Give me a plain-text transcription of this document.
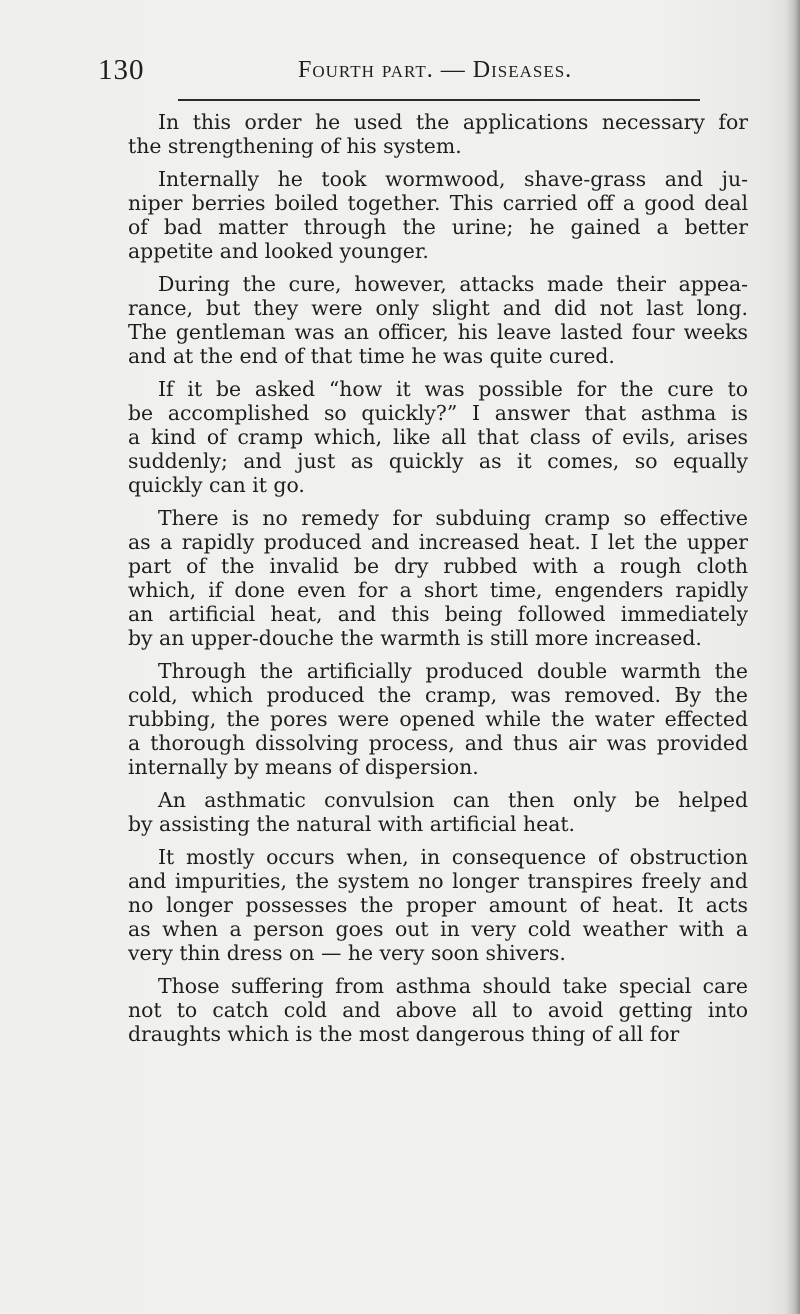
130	Fourth part. — Diseases.
In this order he used the applications necessary for
the strengthening of his system.
Internally he took wormwood, shave-grass and ju-
niper berries boiled together. This carried off a good deal
of bad matter through the urine; he gained a better
appetite and looked younger.
During the cure, however, attacks made their appea-
rance, but they were only slight and did not last long.
The gentleman was an officer, his leave lasted four weeks
and at the end of that time he was quite cured.
If it be asked “how it was possible for the cure to
be accomplished so quickly?” I answer that asthma is
a kind of cramp which, like all that class of evils, arises
suddenly; and just as quickly as it comes, so equally
quickly can it go.
There is no remedy for subduing cramp so effective
as a rapidly produced and increased heat. I let the upper
part of the invalid be dry rubbed with a rough cloth
which, if done even for a short time, engenders rapidly
an artificial heat, and this being followed immediately
by an upper-douche the warmth is still more increased.
Through the artificially produced double warmth the
cold, which produced the cramp, was removed. By the
rubbing, the pores were opened while the water effected
a thorough dissolving process, and thus air was provided
internally by means of dispersion.
An asthmatic convulsion can then only be helped
by assisting the natural with artificial heat.
It mostly occurs when, in consequence of obstruction
and impurities, the system no longer transpires freely and
no longer possesses the proper amount of heat. It acts
as when a person goes out in very cold weather with a
very thin dress on — he very soon shivers.
Those suffering from asthma should take special care
not to catch cold and above all to avoid getting into
draughts which is the most dangerous thing of all for
